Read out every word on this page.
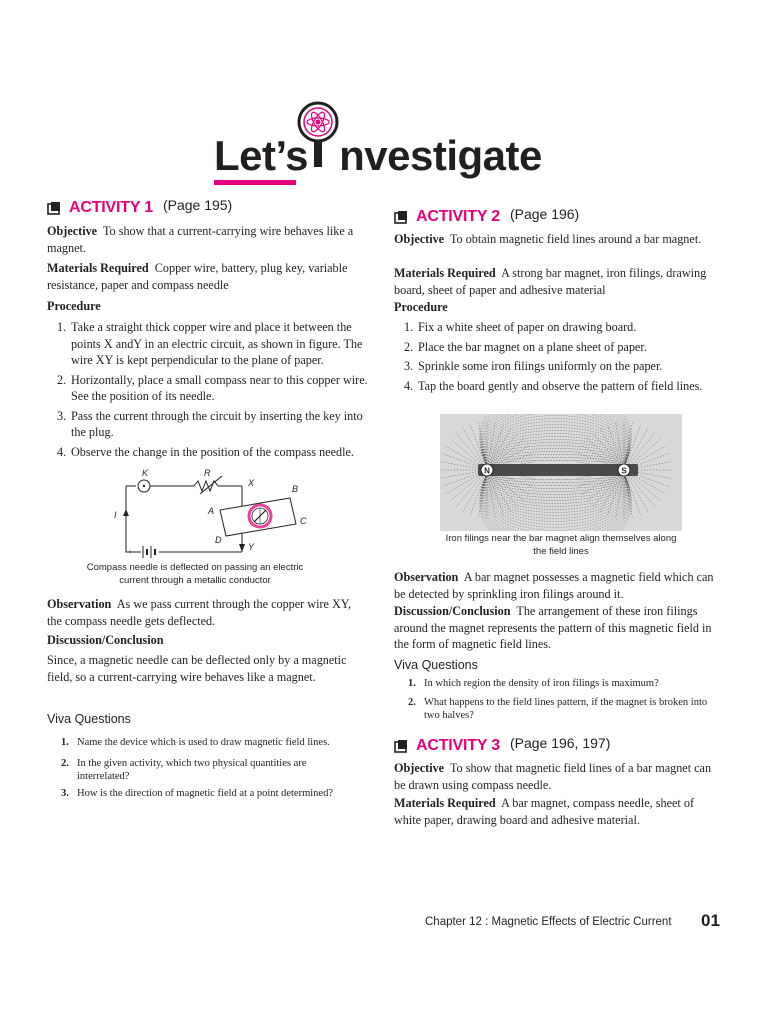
Let’s nvestigate
ACTIVITY 1 (Page 195)
Objective To show that a current-carrying wire behaves like a magnet.
Materials Required Copper wire, battery, plug key, variable resistance, paper and compass needle
Procedure
1. Take a straight thick copper wire and place it between the points X andY in an electric circuit, as shown in figure. The wire XY is kept perpendicular to the plane of paper.
2. Horizontally, place a small compass near to this copper wire. See the position of its needle.
3. Pass the current through the circuit by inserting the key into the plug.
4. Observe the change in the position of the compass needle.
K	R
X
B
A
C
D
Y
I
+
Compass needle is deflected on passing an electric current through a metallic conductor
Observation As we pass current through the copper wire XY, the compass needle gets deflected.
Discussion/Conclusion
Since, a magnetic needle can be deflected only by a magnetic field, so a current-carrying wire behaves like a magnet.
Viva Questions
1. Name the device which is used to draw magnetic field lines.
2. In the given activity, which two physical quantities are interrelated?
3. How is the direction of magnetic field at a point determined?
ACTIVITY 2 (Page 196)
Objective To obtain magnetic field lines around a bar magnet.
Materials Required A strong bar magnet, iron filings, drawing board, sheet of paper and adhesive material
Procedure
1. Fix a white sheet of paper on drawing board.
2. Place the bar magnet on a plane sheet of paper.
3. Sprinkle some iron filings uniformly on the paper.
4. Tap the board gently and observe the pattern of field lines.
N	S
Iron filings near the bar magnet align themselves along the field lines
Observation A bar magnet possesses a magnetic field which can be detected by sprinkling iron filings around it.
Discussion/Conclusion The arrangement of these iron filings around the magnet represents the pattern of this magnetic field in the form of magnetic field lines.
Viva Questions
1. In which region the density of iron filings is maximum?
2. What happens to the field lines pattern, if the magnet is broken into two halves?
ACTIVITY 3 (Page 196, 197)
Objective To show that magnetic field lines of a bar magnet can be drawn using compass needle.
Materials Required A bar magnet, compass needle, sheet of white paper, drawing board and adhesive material.
Chapter 12 : Magnetic Effects of Electric Current 01
